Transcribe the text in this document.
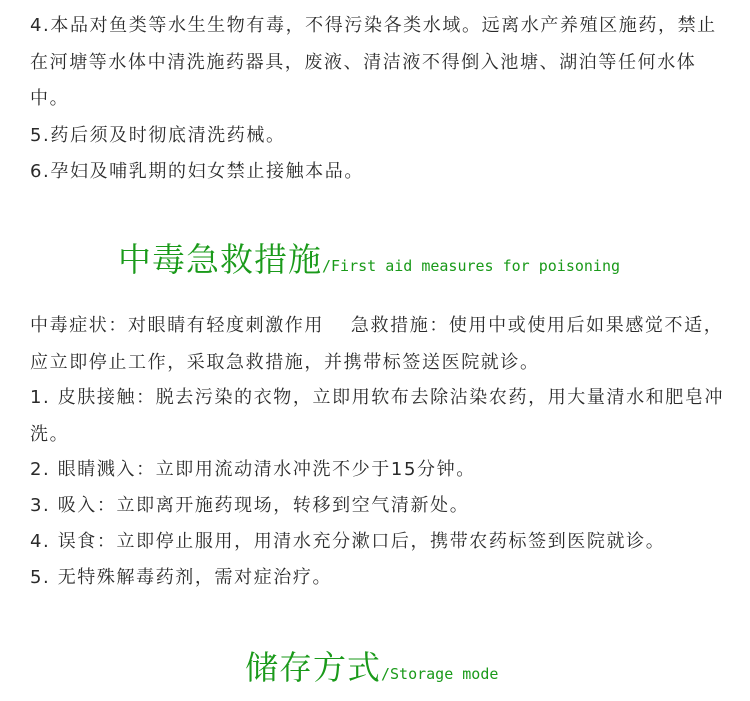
4.本品对鱼类等水生生物有毒，不得污染各类水域。远离水产养殖区施药，禁止在河塘等水体中清洗施药器具，废液、清洁液不得倒入池塘、湖泊等任何水体中。
5.药后须及时彻底清洗药械。
6.孕妇及哺乳期的妇女禁止接触本品。
中毒急救措施/First aid measures for poisoning
中毒症状：对眼睛有轻度刺激作用　 急救措施：使用中或使用后如果感觉不适，应立即停止工作，采取急救措施，并携带标签送医院就诊。
1. 皮肤接触：脱去污染的衣物，立即用软布去除沾染农药，用大量清水和肥皂冲洗。
2. 眼睛溅入：立即用流动清水冲洗不少于15分钟。
3. 吸入：立即离开施药现场，转移到空气清新处。
4. 误食：立即停止服用，用清水充分漱口后，携带农药标签到医院就诊。
5. 无特殊解毒药剂，需对症治疗。
储存方式/Storage mode
